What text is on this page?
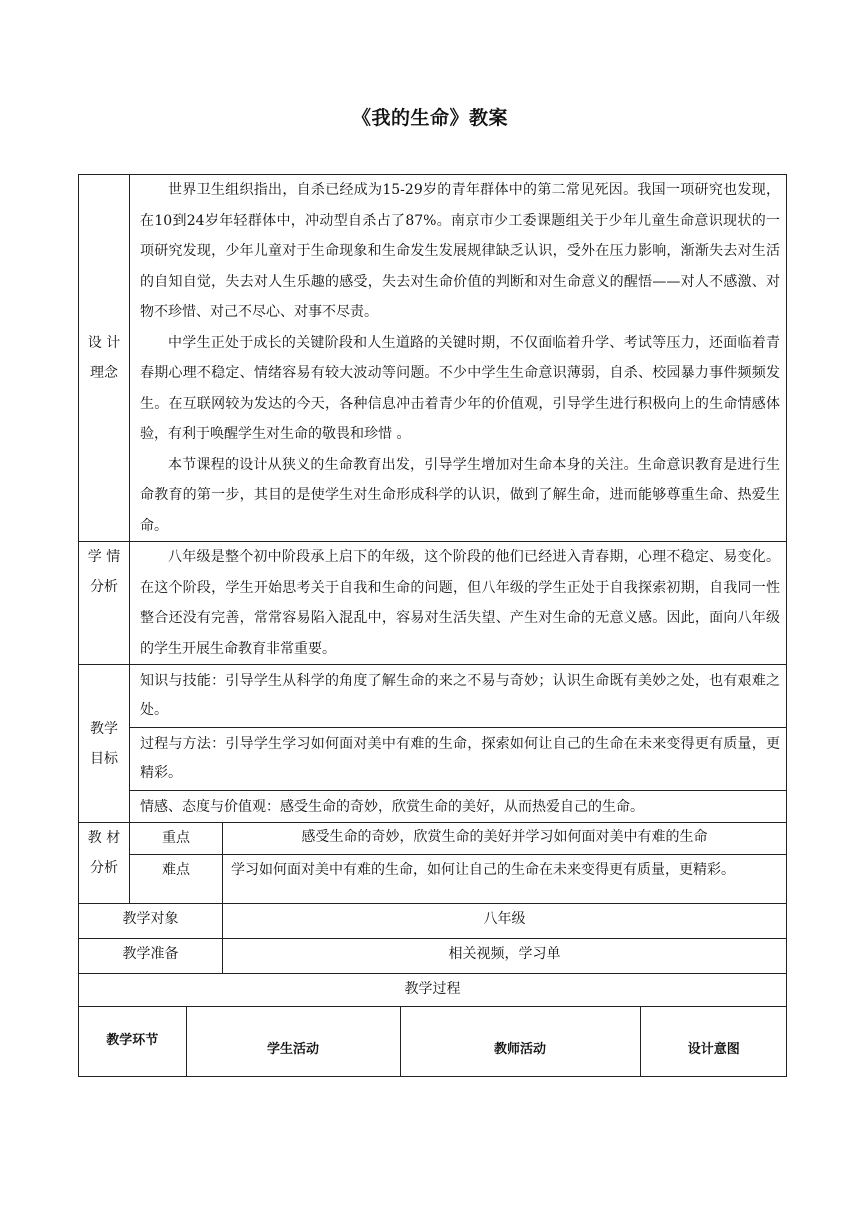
《我的生命》教案
设 计
理念

世界卫生组织指出，自杀已经成为15-29岁的青年群体中的第二常见死因。我国一项研究也发现，在10到24岁年轻群体中，冲动型自杀占了87%。南京市少工委课题组关于少年儿童生命意识现状的一项研究发现，少年儿童对于生命现象和生命发生发展规律缺乏认识，受外在压力影响，渐渐失去对生活的自知自觉，失去对人生乐趣的感受，失去对生命价值的判断和对生命意义的醒悟——对人不感激、对物不珍惜、对己不尽心、对事不尽责。

中学生正处于成长的关键阶段和人生道路的关键时期，不仅面临着升学、考试等压力，还面临着青春期心理不稳定、情绪容易有较大波动等问题。不少中学生生命意识薄弱，自杀、校园暴力事件频频发生。在互联网较为发达的今天，各种信息冲击着青少年的价值观，引导学生进行积极向上的生命情感体验，有利于唤醒学生对生命的敬畏和珍惜 。

本节课程的设计从狭义的生命教育出发，引导学生增加对生命本身的关注。生命意识教育是进行生命教育的第一步，其目的是使学生对生命形成科学的认识，做到了解生命，进而能够尊重生命、热爱生命。

学 情
分析

八年级是整个初中阶段承上启下的年级，这个阶段的他们已经进入青春期，心理不稳定、易变化。在这个阶段，学生开始思考关于自我和生命的问题，但八年级的学生正处于自我探索初期，自我同一性整合还没有完善，常常容易陷入混乱中，容易对生活失望、产生对生命的无意义感。因此，面向八年级的学生开展生命教育非常重要。

教学
目标

知识与技能：引导学生从科学的角度了解生命的来之不易与奇妙；认识生命既有美妙之处，也有艰难之处。
过程与方法：引导学生学习如何面对美中有难的生命，探索如何让自己的生命在未来变得更有质量，更精彩。
情感、态度与价值观：感受生命的奇妙，欣赏生命的美好，从而热爱自己的生命。

教 材
分析
	重点	感受生命的奇妙，欣赏生命的美好并学习如何面对美中有难的生命
难点	学习如何面对美中有难的生命，如何让自己的生命在未来变得更有质量，更精彩。
教学对象	八年级
教学准备	相关视频，学习单
教学过程

教学环节	学生活动	教师活动	设计意图
